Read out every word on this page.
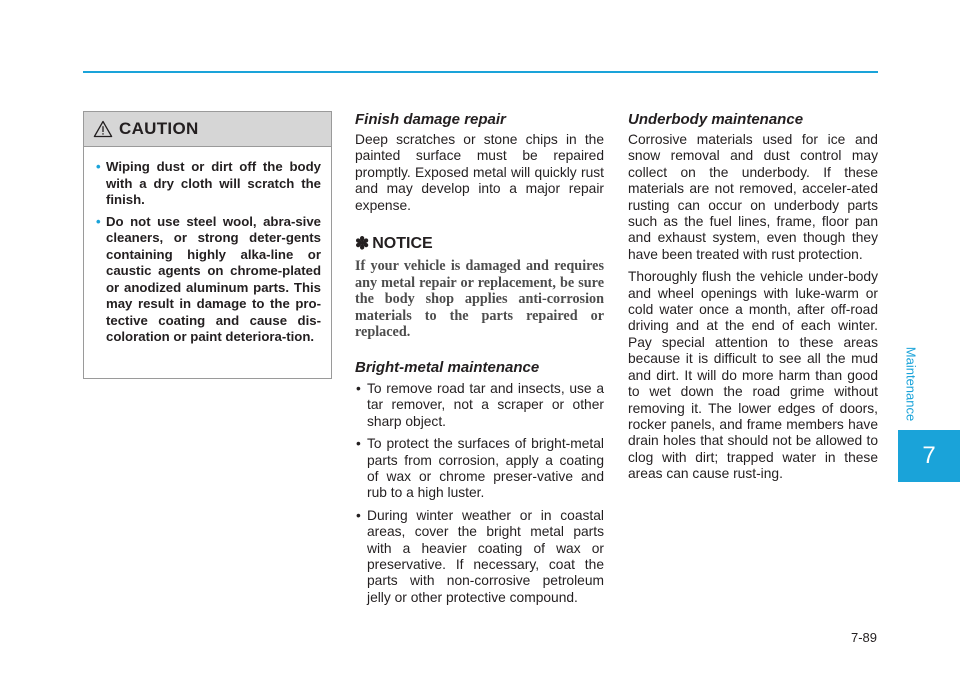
CAUTION
• Wiping dust or dirt off the body with a dry cloth will scratch the finish.
• Do not use steel wool, abra-sive cleaners, or strong deter-gents containing highly alka-line or caustic agents on chrome-plated or anodized aluminum parts. This may result in damage to the pro-tective coating and cause dis-coloration or paint deteriora-tion.
Finish damage repair

Deep scratches or stone chips in the painted surface must be repaired promptly. Exposed metal will quickly rust and may develop into a major repair expense.

✽ NOTICE

If your vehicle is damaged and requires any metal repair or replacement, be sure the body shop applies anti-corrosion materials to the parts repaired or replaced.

Bright-metal maintenance
• To remove road tar and insects, use a tar remover, not a scraper or other sharp object.
• To protect the surfaces of bright-metal parts from corrosion, apply a coating of wax or chrome preser-vative and rub to a high luster.
• During winter weather or in coastal areas, cover the bright metal parts with a heavier coating of wax or preservative. If necessary, coat the parts with non-corrosive petroleum jelly or other protective compound.
Underbody maintenance

Corrosive materials used for ice and snow removal and dust control may collect on the underbody. If these materials are not removed, acceler-ated rusting can occur on underbody parts such as the fuel lines, frame, floor pan and exhaust system, even though they have been treated with rust protection.

Thoroughly flush the vehicle under-body and wheel openings with luke-warm or cold water once a month, after off-road driving and at the end of each winter. Pay special attention to these areas because it is difficult to see all the mud and dirt. It will do more harm than good to wet down the road grime without removing it. The lower edges of doors, rocker panels, and frame members have drain holes that should not be allowed to clog with dirt; trapped water in these areas can cause rust-ing.

Maintenance
7
7-89
